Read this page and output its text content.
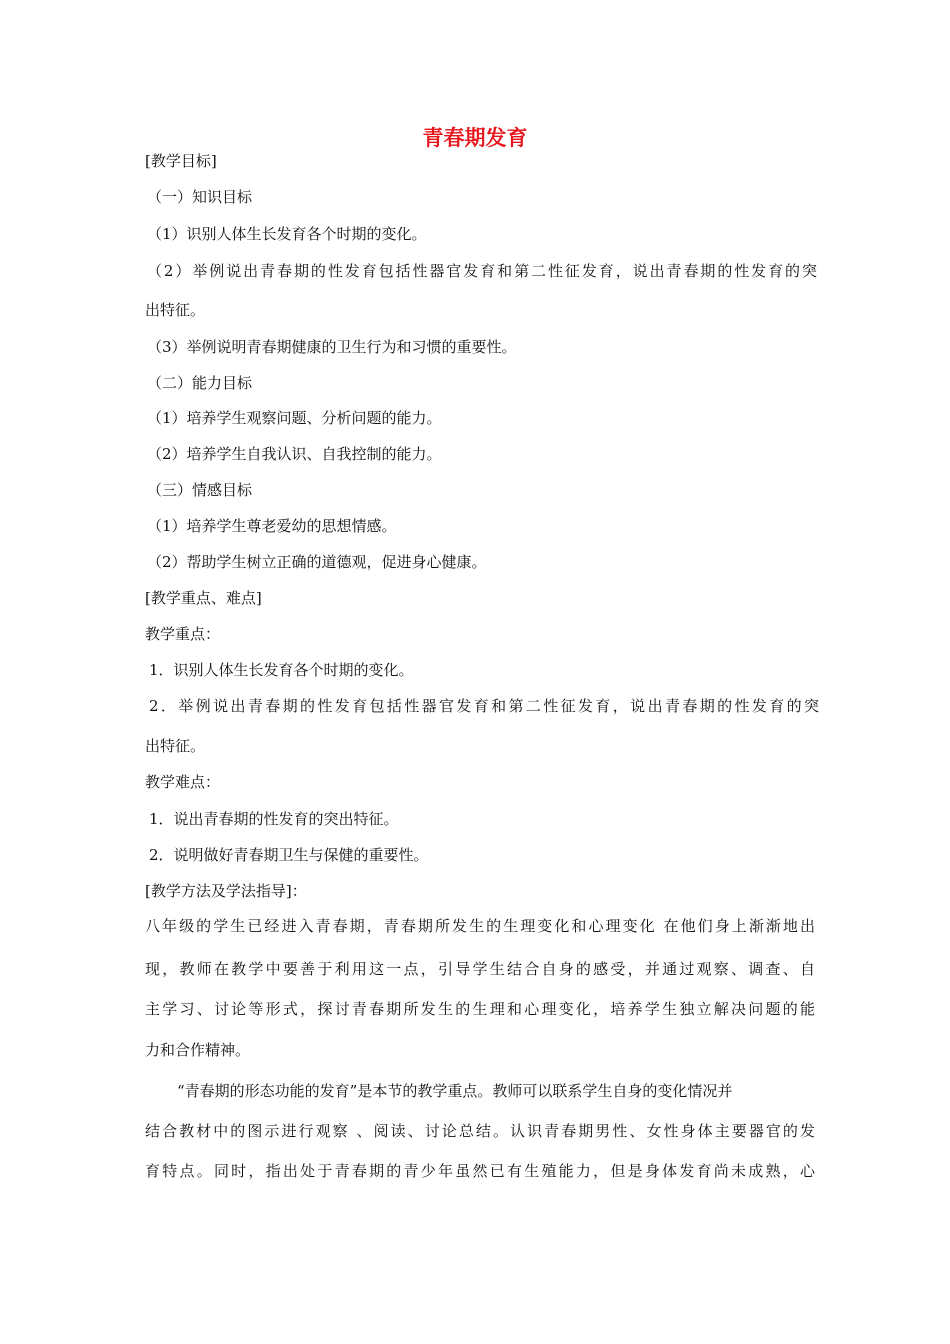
青春期发育
[教学目标]
（一）知识目标
（1）识别人体生长发育各个时期的变化。
（2）举例说出青春期的性发育包括性器官发育和第二性征发育，说出青春期的性发育的突
出特征。
（3）举例说明青春期健康的卫生行为和习惯的重要性。
（二）能力目标
（1）培养学生观察问题、分析问题的能力。
（2）培养学生自我认识、自我控制的能力。
（三）情感目标
（1）培养学生尊老爱幼的思想情感。
（2）帮助学生树立正确的道德观，促进身心健康。
[教学重点、难点]
教学重点：
1．识别人体生长发育各个时期的变化。
2．举例说出青春期的性发育包括性器官发育和第二性征发育，说出青春期的性发育的突
出特征。
教学难点：
1．说出青春期的性发育的突出特征。
2．说明做好青春期卫生与保健的重要性。
[教学方法及学法指导]：
八年级的学生已经进入青春期，青春期所发生的生理变化和心理变化 在他们身上渐渐地出
现，教师在教学中要善于利用这一点，引导学生结合自身的感受，并通过观察、调查、自
主学习、讨论等形式，探讨青春期所发生的生理和心理变化，培养学生独立解决问题的能
力和合作精神。
“青春期的形态功能的发育”是本节的教学重点。教师可以联系学生自身的变化情况并
结合教材中的图示进行观察 、阅读、讨论总结。认识青春期男性、女性身体主要器官的发
育特点。同时，指出处于青春期的青少年虽然已有生殖能力，但是身体发育尚未成熟，心
